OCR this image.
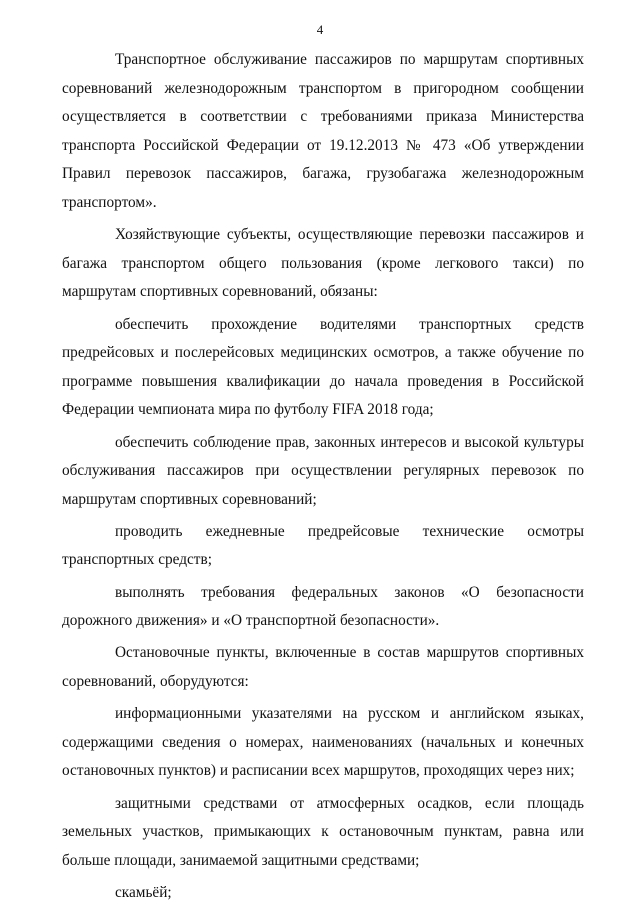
4

Транспортное обслуживание пассажиров по маршрутам спортивных соревнований железнодорожным транспортом в пригородном сообщении осуществляется в соответствии с требованиями приказа Министерства транспорта Российской Федерации от 19.12.2013 № 473 «Об утверждении Правил перевозок пассажиров, багажа, грузобагажа железнодорожным транспортом».

Хозяйствующие субъекты, осуществляющие перевозки пассажиров и багажа транспортом общего пользования (кроме легкового такси) по маршрутам спортивных соревнований, обязаны:

обеспечить прохождение водителями транспортных средств предрейсовых и послерейсовых медицинских осмотров, а также обучение по программе повышения квалификации до начала проведения в Российской Федерации чемпионата мира по футболу FIFA 2018 года;

обеспечить соблюдение прав, законных интересов и высокой культуры обслуживания пассажиров при осуществлении регулярных перевозок по маршрутам спортивных соревнований;

проводить ежедневные предрейсовые технические осмотры транспортных средств;

выполнять требования федеральных законов «О безопасности дорожного движения» и «О транспортной безопасности».

Остановочные пункты, включенные в состав маршрутов спортивных соревнований, оборудуются:

информационными указателями на русском и английском языках, содержащими сведения о номерах, наименованиях (начальных и конечных остановочных пунктов) и расписании всех маршрутов, проходящих через них;

защитными средствами от атмосферных осадков, если площадь земельных участков, примыкающих к остановочным пунктам, равна или больше площади, занимаемой защитными средствами;

скамьёй;
